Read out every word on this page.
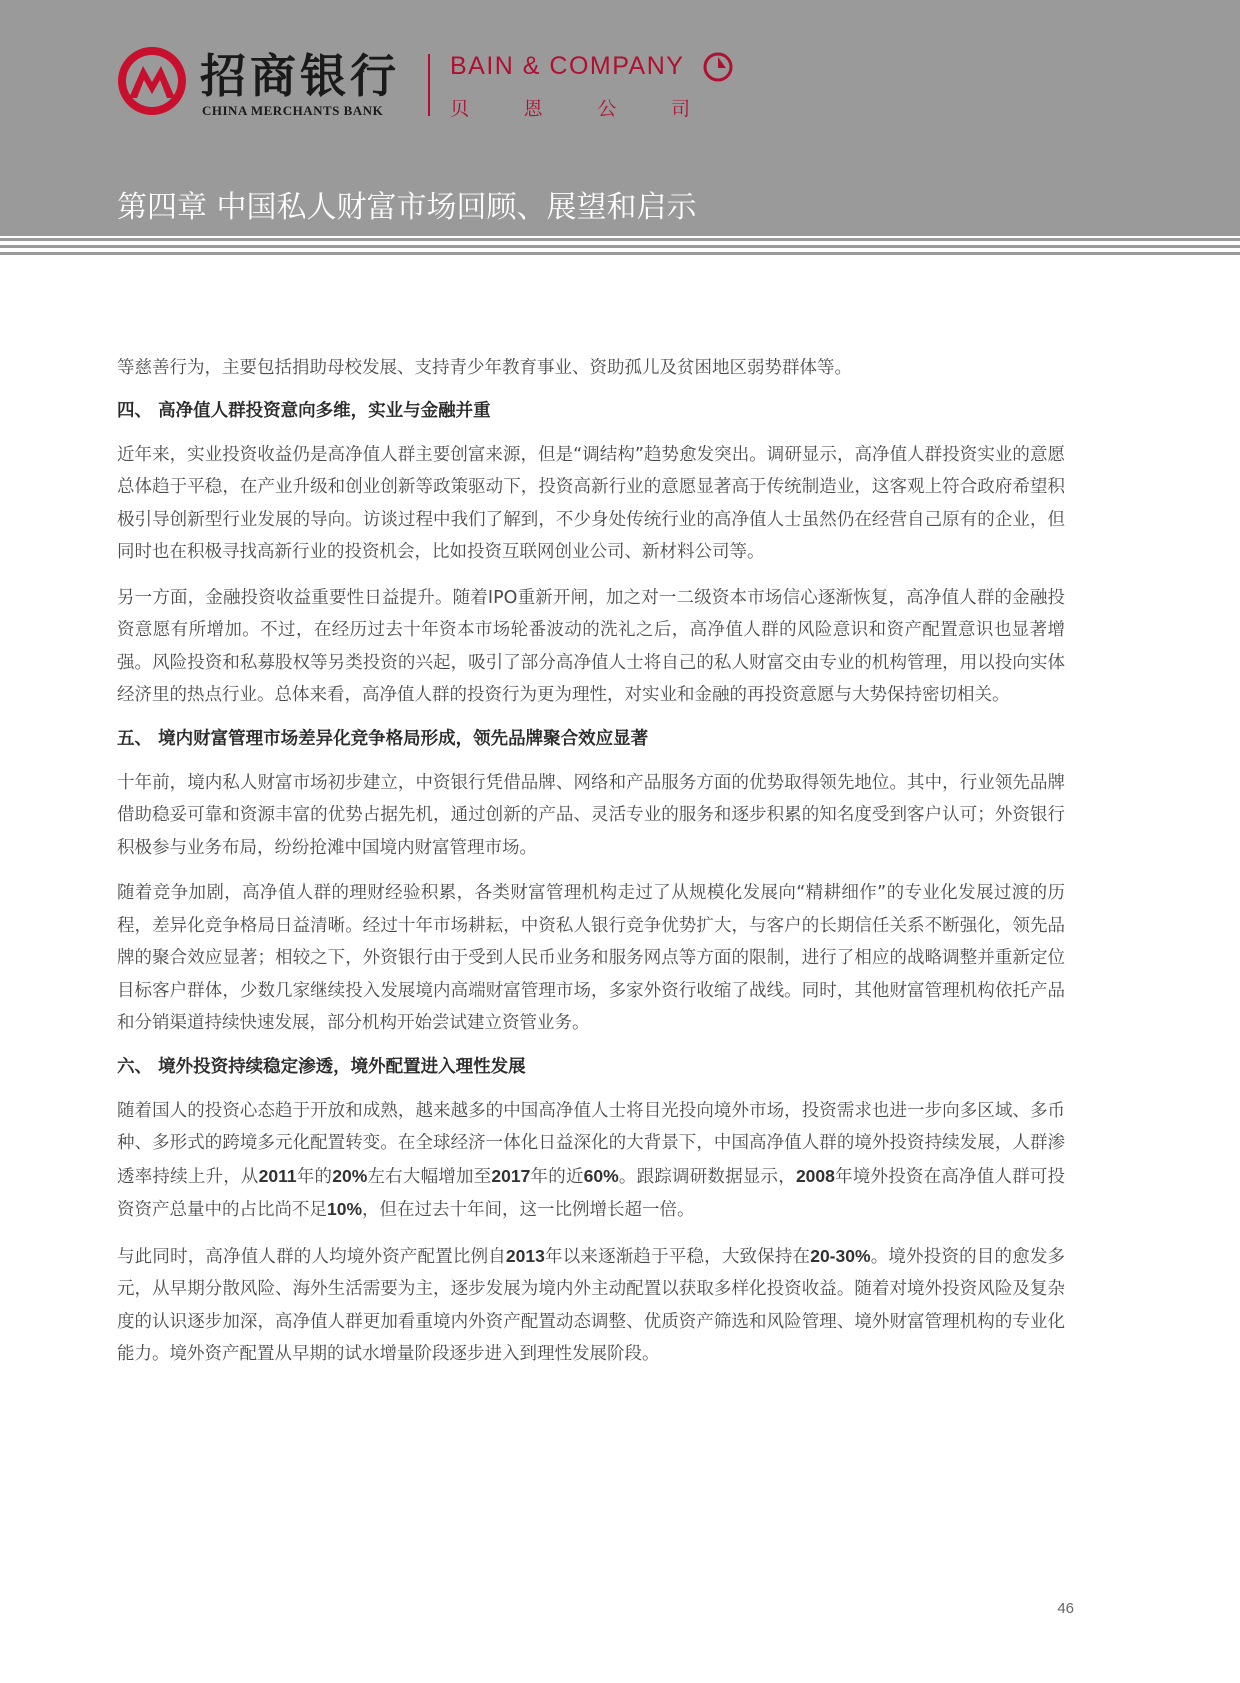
招商银行
CHINA MERCHANTS BANK
BAIN & COMPANY
贝	恩	公	司
第四章 中国私人财富市场回顾、展望和启示

等慈善行为，主要包括捐助母校发展、支持青少年教育事业、资助孤儿及贫困地区弱势群体等。

四、 高净值人群投资意向多维，实业与金融并重

近年来，实业投资收益仍是高净值人群主要创富来源，但是“调结构”趋势愈发突出。调研显示，高净值人群投资实业的意愿总体趋于平稳，在产业升级和创业创新等政策驱动下，投资高新行业的意愿显著高于传统制造业，这客观上符合政府希望积极引导创新型行业发展的导向。访谈过程中我们了解到，不少身处传统行业的高净值人士虽然仍在经营自己原有的企业，但同时也在积极寻找高新行业的投资机会，比如投资互联网创业公司、新材料公司等。

另一方面，金融投资收益重要性日益提升。随着IPO重新开闸，加之对一二级资本市场信心逐渐恢复，高净值人群的金融投资意愿有所增加。不过，在经历过去十年资本市场轮番波动的洗礼之后，高净值人群的风险意识和资产配置意识也显著增强。风险投资和私募股权等另类投资的兴起，吸引了部分高净值人士将自己的私人财富交由专业的机构管理，用以投向实体经济里的热点行业。总体来看，高净值人群的投资行为更为理性，对实业和金融的再投资意愿与大势保持密切相关。

五、 境内财富管理市场差异化竞争格局形成，领先品牌聚合效应显著

十年前，境内私人财富市场初步建立，中资银行凭借品牌、网络和产品服务方面的优势取得领先地位。其中，行业领先品牌借助稳妥可靠和资源丰富的优势占据先机，通过创新的产品、灵活专业的服务和逐步积累的知名度受到客户认可；外资银行积极参与业务布局，纷纷抢滩中国境内财富管理市场。

随着竞争加剧，高净值人群的理财经验积累，各类财富管理机构走过了从规模化发展向“精耕细作”的专业化发展过渡的历程，差异化竞争格局日益清晰。经过十年市场耕耘，中资私人银行竞争优势扩大，与客户的长期信任关系不断强化，领先品牌的聚合效应显著；相较之下，外资银行由于受到人民币业务和服务网点等方面的限制，进行了相应的战略调整并重新定位目标客户群体，少数几家继续投入发展境内高端财富管理市场，多家外资行收缩了战线。同时，其他财富管理机构依托产品和分销渠道持续快速发展，部分机构开始尝试建立资管业务。

六、 境外投资持续稳定渗透，境外配置进入理性发展

随着国人的投资心态趋于开放和成熟，越来越多的中国高净值人士将目光投向境外市场，投资需求也进一步向多区域、多币种、多形式的跨境多元化配置转变。在全球经济一体化日益深化的大背景下，中国高净值人群的境外投资持续发展，人群渗透率持续上升，从2011年的20%左右大幅增加至2017年的近60%。跟踪调研数据显示，2008年境外投资在高净值人群可投资资产总量中的占比尚不足10%，但在过去十年间，这一比例增长超一倍。

与此同时，高净值人群的人均境外资产配置比例自2013年以来逐渐趋于平稳，大致保持在20-30%。境外投资的目的愈发多元，从早期分散风险、海外生活需要为主，逐步发展为境内外主动配置以获取多样化投资收益。随着对境外投资风险及复杂度的认识逐步加深，高净值人群更加看重境内外资产配置动态调整、优质资产筛选和风险管理、境外财富管理机构的专业化能力。境外资产配置从早期的试水增量阶段逐步进入到理性发展阶段。

46
